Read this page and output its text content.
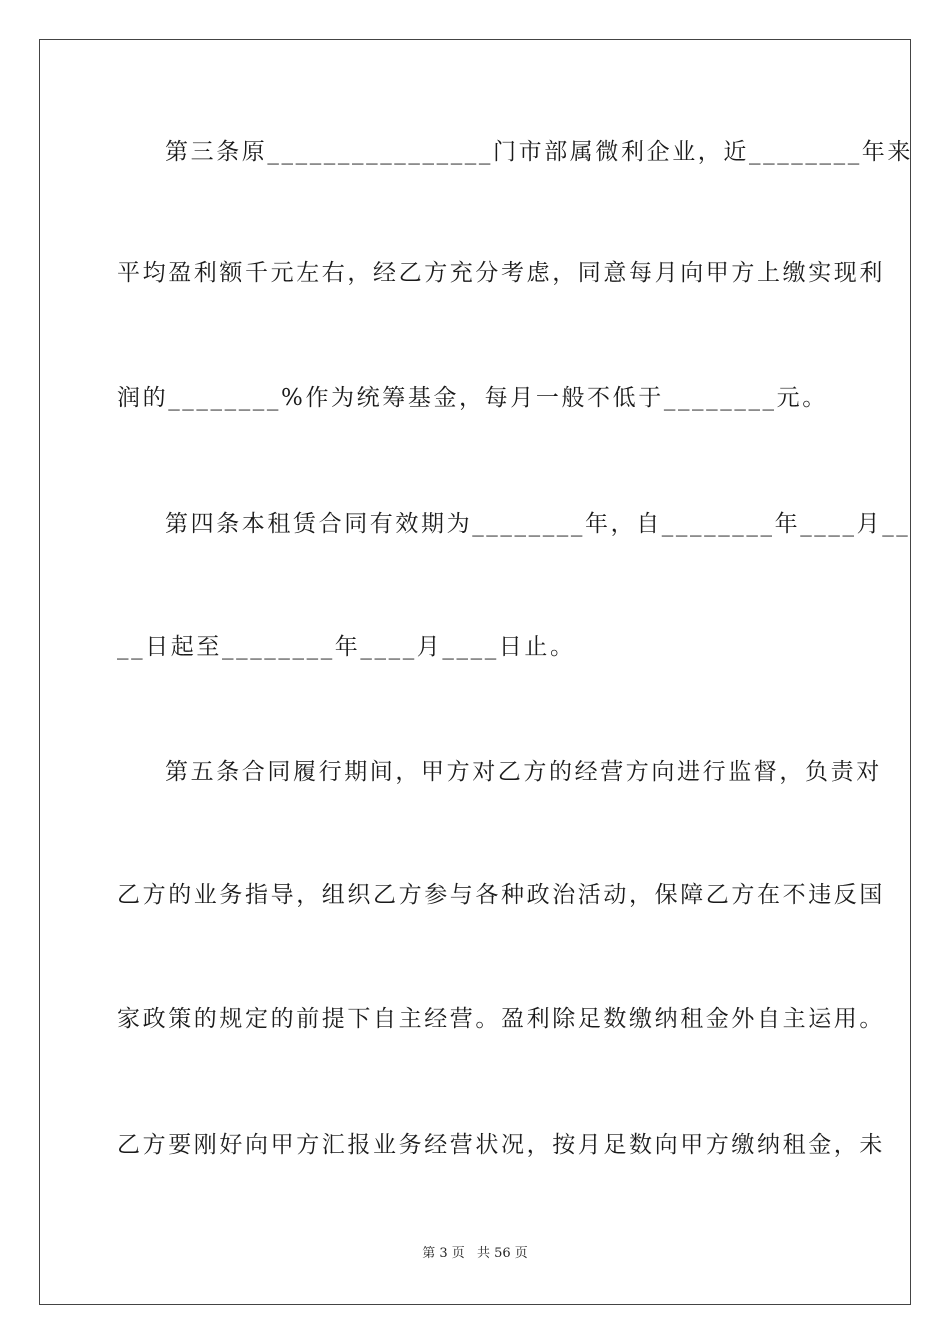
第三条原________________门市部属微利企业，近________年来
平均盈利额千元左右，经乙方充分考虑，同意每月向甲方上缴实现利
润的________%作为统筹基金，每月一般不低于________元。
第四条本租赁合同有效期为________年，自________年____月__
__日起至________年____月____日止。
第五条合同履行期间，甲方对乙方的经营方向进行监督，负责对
乙方的业务指导，组织乙方参与各种政治活动，保障乙方在不违反国
家政策的规定的前提下自主经营。盈利除足数缴纳租金外自主运用。
乙方要刚好向甲方汇报业务经营状况，按月足数向甲方缴纳租金，未
第 3 页 共 56 页
